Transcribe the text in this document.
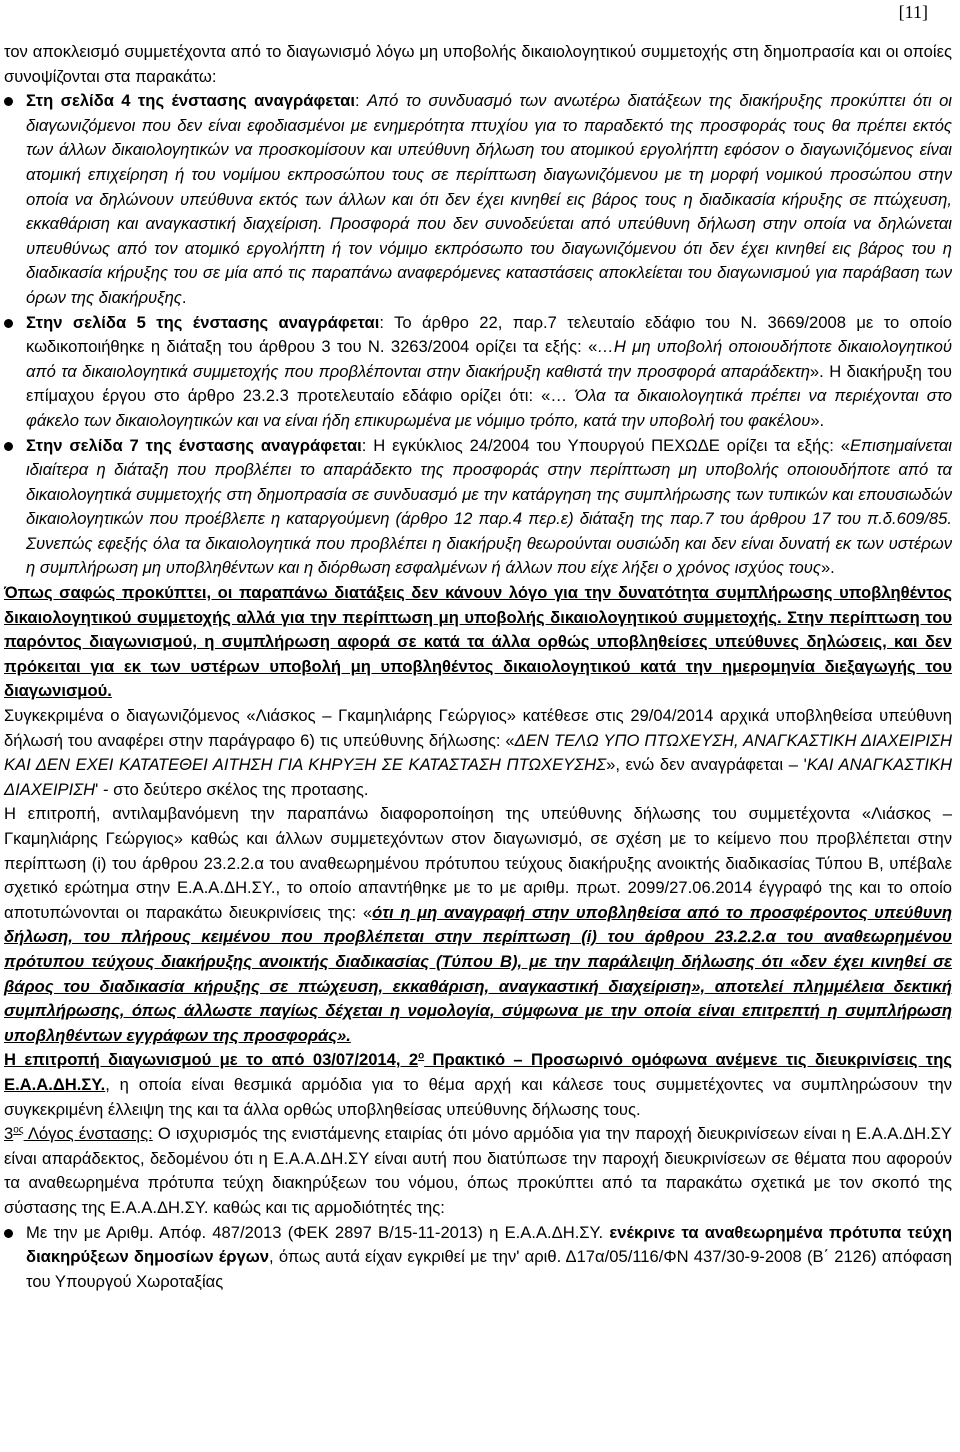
[11]

τον αποκλεισμό συμμετέχοντα από το διαγωνισμό λόγω μη υποβολής δικαιολογητικού συμμετοχής στη δημοπρασία και οι οποίες συνοψίζονται στα παρακάτω:

Στη σελίδα 4 της ένστασης αναγράφεται: Από το συνδυασμό των ανωτέρω διατάξεων της διακήρυξης προκύπτει ότι οι διαγωνιζόμενοι που δεν είναι εφοδιασμένοι με ενημερότητα πτυχίου για το παραδεκτό της προσφοράς τους θα πρέπει εκτός των άλλων δικαιολογητικών να προσκομίσουν και υπεύθυνη δήλωση του ατομικού εργολήπτη εφόσον ο διαγωνιζόμενος είναι ατομική επιχείρηση ή του νομίμου εκπροσώπου τους σε περίπτωση διαγωνιζόμενου με τη μορφή νομικού προσώπου στην οποία να δηλώνουν υπεύθυνα εκτός των άλλων και ότι δεν έχει κινηθεί εις βάρος τους η διαδικασία κήρυξης σε πτώχευση, εκκαθάριση και αναγκαστική διαχείριση. Προσφορά που δεν συνοδεύεται από υπεύθυνη δήλωση στην οποία να δηλώνεται υπευθύνως από τον ατομικό εργολήπτη ή τον νόμιμο εκπρόσωπο του διαγωνιζόμενου ότι δεν έχει κινηθεί εις βάρος του η διαδικασία κήρυξης του σε μία από τις παραπάνω αναφερόμενες καταστάσεις αποκλείεται του διαγωνισμού για παράβαση των όρων της διακήρυξης.
Στην σελίδα 5 της ένστασης αναγράφεται: Το άρθρο 22, παρ.7 τελευταίο εδάφιο του Ν. 3669/2008 με το οποίο κωδικοποιήθηκε η διάταξη του άρθρου 3 του Ν. 3263/2004 ορίζει τα εξής: «…Η μη υποβολή οποιουδήποτε δικαιολογητικού από τα δικαιολογητικά συμμετοχής που προβλέπονται στην διακήρυξη καθιστά την προσφορά απαράδεκτη». Η διακήρυξη του επίμαχου έργου στο άρθρο 23.2.3 προτελευταίο εδάφιο ορίζει ότι: «… Όλα τα δικαιολογητικά πρέπει να περιέχονται στο φάκελο των δικαιολογητικών και να είναι ήδη επικυρωμένα με νόμιμο τρόπο, κατά την υποβολή του φακέλου».
Στην σελίδα 7 της ένστασης αναγράφεται: Η εγκύκλιος 24/2004 του Υπουργού ΠΕΧΩΔΕ ορίζει τα εξής: «Επισημαίνεται ιδιαίτερα η διάταξη που προβλέπει το απαράδεκτο της προσφοράς στην περίπτωση μη υποβολής οποιουδήποτε από τα δικαιολογητικά συμμετοχής στη δημοπρασία σε συνδυασμό με την κατάργηση της συμπλήρωσης των τυπικών και επουσιωδών δικαιολογητικών που προέβλεπε η καταργούμενη (άρθρο 12 παρ.4 περ.ε) διάταξη της παρ.7 του άρθρου 17 του π.δ.609/85. Συνεπώς εφεξής όλα τα δικαιολογητικά που προβλέπει η διακήρυξη θεωρούνται ουσιώδη και δεν είναι δυνατή εκ των υστέρων η συμπλήρωση μη υποβληθέντων και η διόρθωση εσφαλμένων ή άλλων που είχε λήξει ο χρόνος ισχύος τους».

Όπως σαφώς προκύπτει, οι παραπάνω διατάξεις δεν κάνουν λόγο για την δυνατότητα συμπλήρωσης υποβληθέντος δικαιολογητικού συμμετοχής αλλά για την περίπτωση μη υποβολής δικαιολογητικού συμμετοχής. Στην περίπτωση του παρόντος διαγωνισμού, η συμπλήρωση αφορά σε κατά τα άλλα ορθώς υποβληθείσες υπεύθυνες δηλώσεις, και δεν πρόκειται για εκ των υστέρων υποβολή μη υποβληθέντος δικαιολογητικού κατά την ημερομηνία διεξαγωγής του διαγωνισμού.

Συγκεκριμένα ο διαγωνιζόμενος «Λιάσκος – Γκαμηλιάρης Γεώργιος» κατέθεσε στις 29/04/2014 αρχικά υποβληθείσα υπεύθυνη δήλωσή του αναφέρει στην παράγραφο 6) τις υπεύθυνης δήλωσης: «ΔΕΝ ΤΕΛΩ ΥΠΟ ΠΤΩΧΕΥΣΗ, ΑΝΑΓΚΑΣΤΙΚΗ ΔΙΑΧΕΙΡΙΣΗ ΚΑΙ ΔΕΝ ΕΧΕΙ ΚΑΤΑΤΕΘΕΙ ΑΙΤΗΣΗ ΓΙΑ ΚΗΡΥΞΗ ΣΕ ΚΑΤΑΣΤΑΣΗ ΠΤΩΧΕΥΣΗΣ», ενώ δεν αναγράφεται – 'ΚΑΙ ΑΝΑΓΚΑΣΤΙΚΗ ΔΙΑΧΕΙΡΙΣΗ' - στο δεύτερο σκέλος της προτασης.

Η επιτροπή, αντιλαμβανόμενη την παραπάνω διαφοροποίηση της υπεύθυνης δήλωσης του συμμετέχοντα «Λιάσκος – Γκαμηλιάρης Γεώργιος» καθώς και άλλων συμμετεχόντων στον διαγωνισμό, σε σχέση με το κείμενο που προβλέπεται στην περίπτωση (i) του άρθρου 23.2.2.α του αναθεωρημένου πρότυπου τεύχους διακήρυξης ανοικτής διαδικασίας Τύπου Β, υπέβαλε σχετικό ερώτημα στην Ε.Α.Α.ΔΗ.ΣΥ., το οποίο απαντήθηκε με το με αριθμ. πρωτ. 2099/27.06.2014 έγγραφό της και το οποίο αποτυπώνονται οι παρακάτω διευκρινίσεις της: «ότι η μη αναγραφή στην υποβληθείσα από το προσφέροντος υπεύθυνη δήλωση, του πλήρους κειμένου που προβλέπεται στην περίπτωση (i) του άρθρου 23.2.2.α του αναθεωρημένου πρότυπου τεύχους διακήρυξης ανοικτής διαδικασίας (Τύπου Β), με την παράλειψη δήλωσης ότι «δεν έχει κινηθεί σε βάρος του διαδικασία κήρυξης σε πτώχευση, εκκαθάριση, αναγκαστική διαχείριση», αποτελεί πλημμέλεια δεκτική συμπλήρωσης, όπως άλλωστε παγίως δέχεται η νομολογία, σύμφωνα με την οποία είναι επιτρεπτή η συμπλήρωση υποβληθέντων εγγράφων της προσφοράς».

Η επιτροπή διαγωνισμού με το από 03/07/2014, $2^o$ Πρακτικό – Προσωρινό ομόφωνα ανέμενε τις διευκρινίσεις της Ε.Α.Α.ΔΗ.ΣΥ., η οποία είναι θεσμικά αρμόδια για το θέμα αρχή και κάλεσε τους συμμετέχοντες να συμπληρώσουν την συγκεκριμένη έλλειψη της και τα άλλα ορθώς υποβληθείσας υπεύθυνης δήλωσης τους.

$3^{o\varsigma}$ Λόγος ένστασης: Ο ισχυρισμός της ενιστάμενης εταιρίας ότι μόνο αρμόδια για την παροχή διευκρινίσεων είναι η Ε.Α.Α.ΔΗ.ΣΥ είναι απαράδεκτος, δεδομένου ότι η Ε.Α.Α.ΔΗ.ΣΥ είναι αυτή που διατύπωσε την παροχή διευκρινίσεων σε θέματα που αφορούν τα αναθεωρημένα πρότυπα τεύχη διακηρύξεων του νόμου, όπως προκύπτει από τα παρακάτω σχετικά με τον σκοπό της σύστασης της Ε.Α.Α.ΔΗ.ΣΥ. καθώς και τις αρμοδιότητές της:

Με την με Αριθμ. Απόφ. 487/2013 (ΦΕΚ 2897 Β/15-11-2013) η Ε.Α.Α.ΔΗ.ΣΥ. ενέκρινε τα αναθεωρημένα πρότυπα τεύχη διακηρύξεων δημοσίων έργων, όπως αυτά είχαν εγκριθεί με την' αριθ. Δ17α/05/116/ΦΝ 437/30-9-2008 (Β΄ 2126) απόφαση του Υπουργού Χωροταξίας
